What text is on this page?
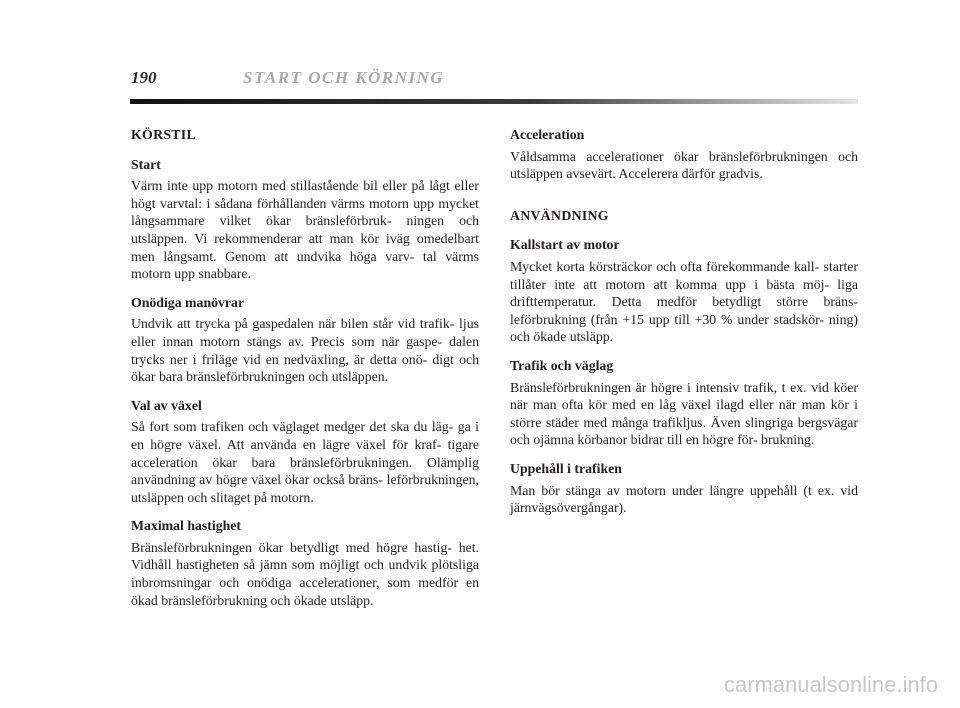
190	START OCH KÖRNING
KÖRSTIL
Start
Värm inte upp motorn med stillastående bil eller på lågt eller högt varvtal: i sådana förhållanden värms motorn upp mycket långsammare vilket ökar bränsleförbruk- ningen och utsläppen. Vi rekommenderar att man kör iväg omedelbart men långsamt. Genom att undvika höga varv- tal värms motorn upp snabbare.
Onödiga manövrar
Undvik att trycka på gaspedalen när bilen står vid trafik- ljus eller innan motorn stängs av. Precis som när gaspe- dalen trycks ner i friläge vid en nedväxling, är detta onö- digt och ökar bara bränsleförbrukningen och utsläppen.
Val av växel
Så fort som trafiken och väglaget medger det ska du läg- ga i en högre växel. Att använda en lägre växel för kraf- tigare acceleration ökar bara bränsleförbrukningen. Olämplig användning av högre växel ökar också bräns- leförbrukningen, utsläppen och slitaget på motorn.
Maximal hastighet
Bränsleförbrukningen ökar betydligt med högre hastig- het. Vidhåll hastigheten så jämn som möjligt och undvik plötsliga inbromsningar och onödiga accelerationer, som medför en ökad bränsleförbrukning och ökade utsläpp.
Acceleration
Våldsamma accelerationer ökar bränsleförbrukningen och utsläppen avsevärt. Accelerera därför gradvis.
ANVÄNDNING
Kallstart av motor
Mycket korta körsträckor och ofta förekommande kall- starter tillåter inte att motorn att komma upp i bästa möj- liga drifttemperatur. Detta medför betydligt större bräns- leförbrukning (från +15 upp till +30 % under stadskör- ning) och ökade utsläpp.
Trafik och väglag
Bränsleförbrukningen är högre i intensiv trafik, t ex. vid köer när man ofta kör med en låg växel ilagd eller när man kör i större städer med många trafikljus. Även slingriga bergsvägar och ojämna körbanor bidrar till en högre för- brukning.
Uppehåll i trafiken
Man bör stänga av motorn under längre uppehåll (t ex. vid järnvägsövergångar).
carmanualsonline.info
